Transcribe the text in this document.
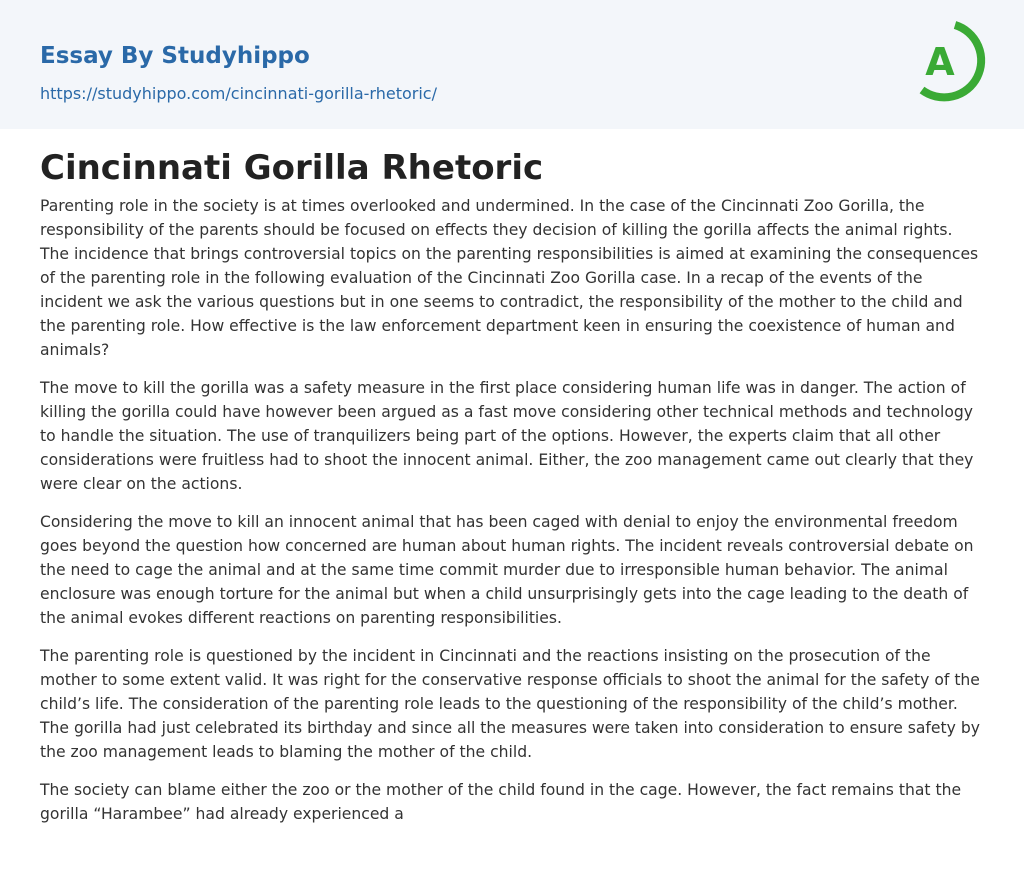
Essay By Studyhippo
https://studyhippo.com/cincinnati-gorilla-rhetoric/
A
Cincinnati Gorilla Rhetoric

Parenting role in the society is at times overlooked and undermined. In the case of the Cincinnati Zoo Gorilla, the responsibility of the parents should be focused on effects they decision of killing the gorilla affects the animal rights. The incidence that brings controversial topics on the parenting responsibilities is aimed at examining the consequences of the parenting role in the following evaluation of the Cincinnati Zoo Gorilla case. In a recap of the events of the incident we ask the various questions but in one seems to contradict, the responsibility of the mother to the child and the parenting role. How effective is the law enforcement department keen in ensuring the coexistence of human and animals?

The move to kill the gorilla was a safety measure in the first place considering human life was in danger. The action of killing the gorilla could have however been argued as a fast move considering other technical methods and technology to handle the situation. The use of tranquilizers being part of the options. However, the experts claim that all other considerations were fruitless had to shoot the innocent animal. Either, the zoo management came out clearly that they were clear on the actions.

Considering the move to kill an innocent animal that has been caged with denial to enjoy the environmental freedom goes beyond the question how concerned are human about human rights. The incident reveals controversial debate on the need to cage the animal and at the same time commit murder due to irresponsible human behavior. The animal enclosure was enough torture for the animal but when a child unsurprisingly gets into the cage leading to the death of the animal evokes different reactions on parenting responsibilities.

The parenting role is questioned by the incident in Cincinnati and the reactions insisting on the prosecution of the mother to some extent valid. It was right for the conservative response officials to shoot the animal for the safety of the child’s life. The consideration of the parenting role leads to the questioning of the responsibility of the child’s mother. The gorilla had just celebrated its birthday and since all the measures were taken into consideration to ensure safety by the zoo management leads to blaming the mother of the child.

The society can blame either the zoo or the mother of the child found in the cage. However, the fact remains that the gorilla “Harambee” had already experienced a
